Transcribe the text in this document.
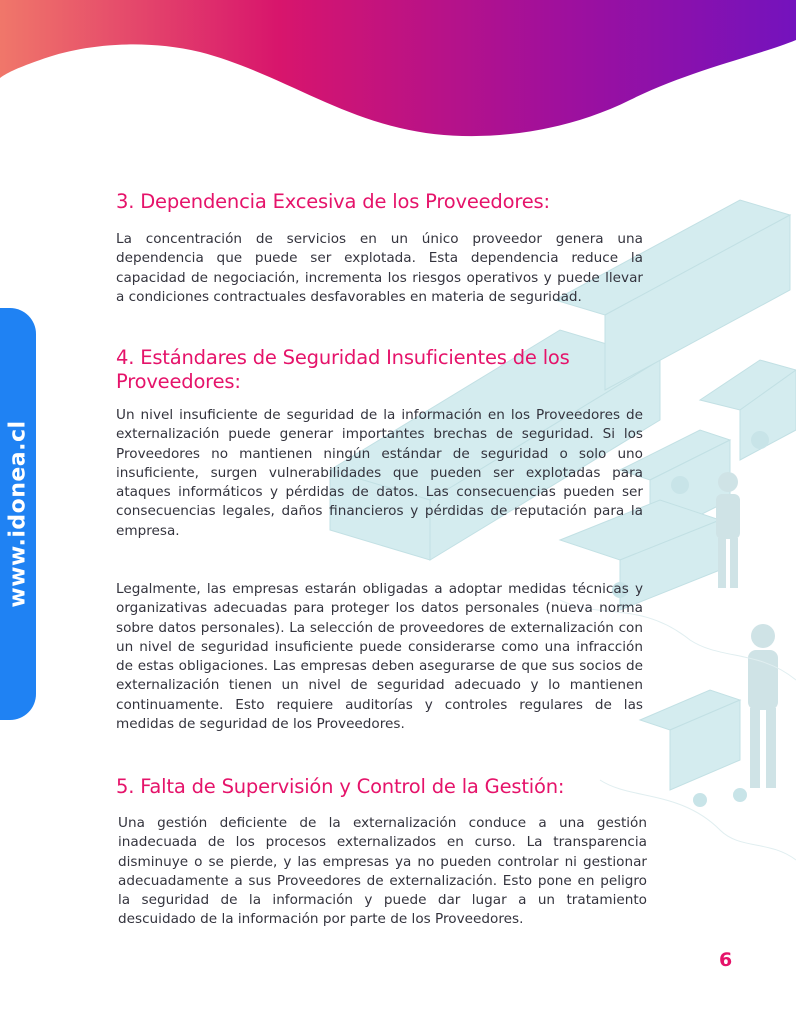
www.idonea.cl
3. Dependencia Excesiva de los Proveedores:

La concentración de servicios en un único proveedor genera una dependencia que puede ser explotada. Esta dependencia reduce la capacidad de negociación, incrementa los riesgos operativos y puede llevar a condiciones contractuales desfavorables en materia de seguridad.

4. Estándares de Seguridad Insuficientes de los Proveedores:

Un nivel insuficiente de seguridad de la información en los Proveedores de externalización puede generar importantes brechas de seguridad. Si los Proveedores no mantienen ningún estándar de seguridad o solo uno insuficiente, surgen vulnerabilidades que pueden ser explotadas para ataques informáticos y pérdidas de datos. Las consecuencias pueden ser consecuencias legales, daños financieros y pérdidas de reputación para la empresa.

Legalmente, las empresas estarán obligadas a adoptar medidas técnicas y organizativas adecuadas para proteger los datos personales (nueva norma sobre datos personales). La selección de proveedores de externalización con un nivel de seguridad insuficiente puede considerarse como una infracción de estas obligaciones. Las empresas deben asegurarse de que sus socios de externalización tienen un nivel de seguridad adecuado y lo mantienen continuamente. Esto requiere auditorías y controles regulares de las medidas de seguridad de los Proveedores.

5. Falta de Supervisión y Control de la Gestión:

Una gestión deficiente de la externalización conduce a una gestión inadecuada de los procesos externalizados en curso. La transparencia disminuye o se pierde, y las empresas ya no pueden controlar ni gestionar adecuadamente a sus Proveedores de externalización. Esto pone en peligro la seguridad de la información y puede dar lugar a un tratamiento descuidado de la información por parte de los Proveedores.

6
